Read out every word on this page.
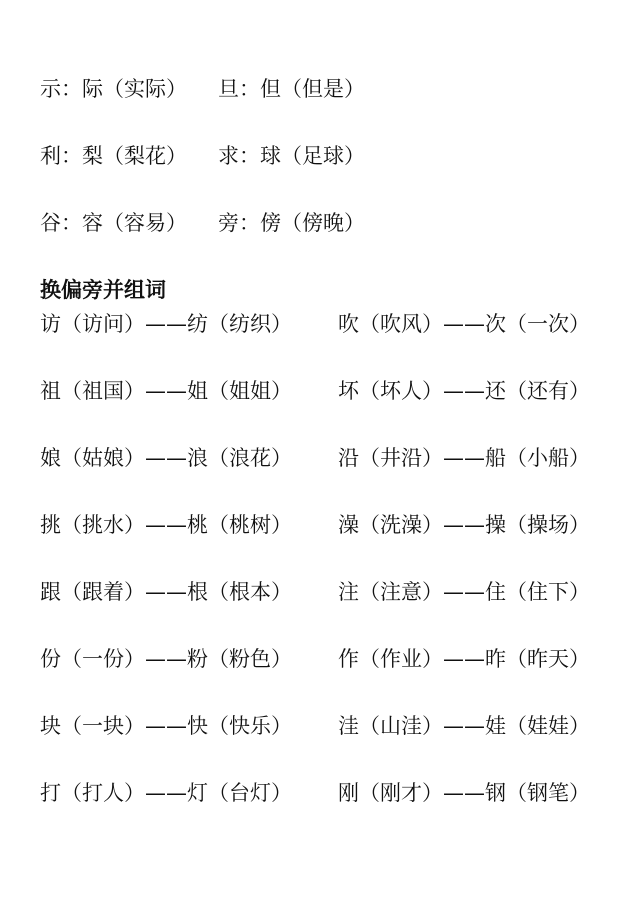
示：际（实际） 旦：但（但是）
利：梨（梨花） 求：球（足球）
谷：容（容易） 旁：傍（傍晚）
换偏旁并组词
访（访问）——纺（纺织） 吹（吹风）——次（一次）
祖（祖国）——姐（姐姐） 坏（坏人）——还（还有）
娘（姑娘）——浪（浪花） 沿（井沿）——船（小船）
挑（挑水）——桃（桃树） 澡（洗澡）——操（操场）
跟（跟着）——根（根本） 注（注意）——住（住下）
份（一份）——粉（粉色） 作（作业）——昨（昨天）
块（一块）——快（快乐） 洼（山洼）——娃（娃娃）
打（打人）——灯（台灯） 刚（刚才）——钢（钢笔）
